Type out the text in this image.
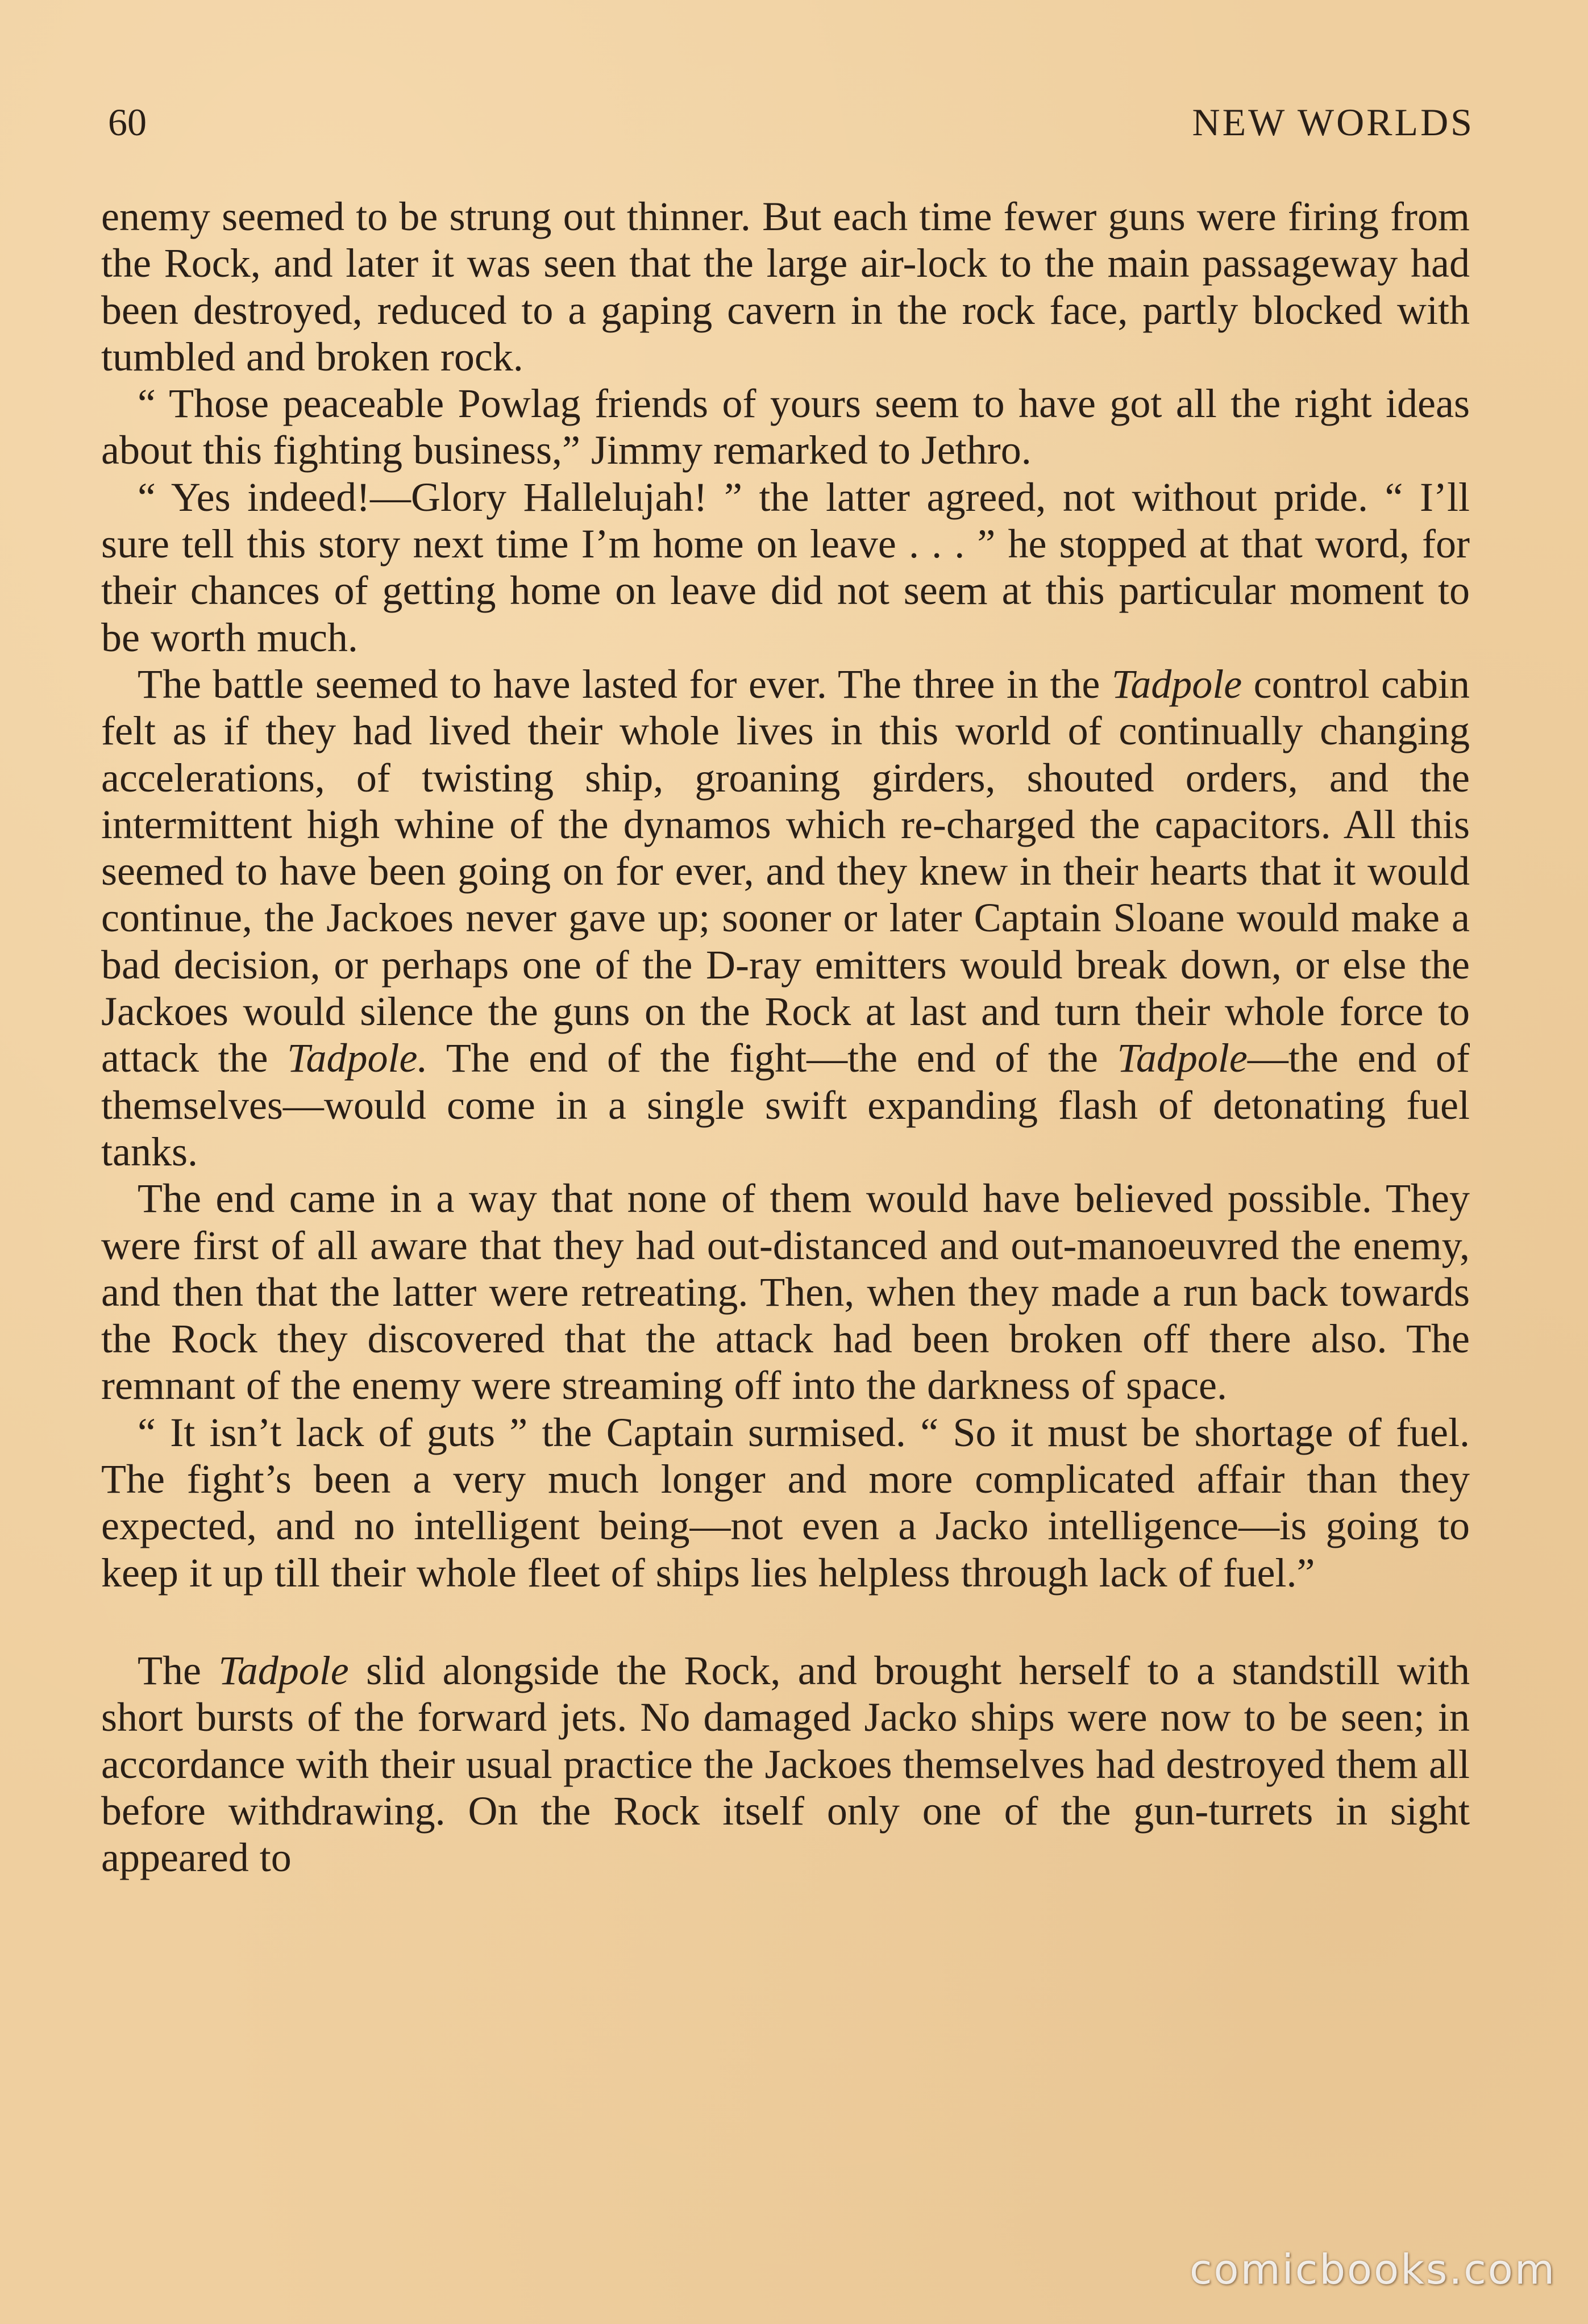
60	NEW WORLDS

enemy seemed to be strung out thinner. But each time fewer guns were firing from the Rock, and later it was seen that the large air-lock to the main passageway had been destroyed, reduced to a gaping cavern in the rock face, partly blocked with tumbled and broken rock.

“ Those peaceable Powlag friends of yours seem to have got all the right ideas about this fighting business,” Jimmy remarked to Jethro.

“ Yes indeed!—Glory Hallelujah! ” the latter agreed, not without pride. “ I’ll sure tell this story next time I’m home on leave . . . ” he stopped at that word, for their chances of getting home on leave did not seem at this particular moment to be worth much.

The battle seemed to have lasted for ever. The three in the Tadpole control cabin felt as if they had lived their whole lives in this world of continually changing accelerations, of twisting ship, groaning girders, shouted orders, and the intermittent high whine of the dynamos which re-charged the capacitors. All this seemed to have been going on for ever, and they knew in their hearts that it would continue, the Jackoes never gave up; sooner or later Captain Sloane would make a bad decision, or perhaps one of the D-ray emitters would break down, or else the Jackoes would silence the guns on the Rock at last and turn their whole force to attack the Tadpole. The end of the fight—the end of the Tadpole—the end of themselves—would come in a single swift expanding flash of detonating fuel tanks.

The end came in a way that none of them would have believed possible. They were first of all aware that they had out-distanced and out-manoeuvred the enemy, and then that the latter were retreating. Then, when they made a run back towards the Rock they discovered that the attack had been broken off there also. The remnant of the enemy were streaming off into the darkness of space.

“ It isn’t lack of guts ” the Captain surmised. “ So it must be shortage of fuel. The fight’s been a very much longer and more complicated affair than they expected, and no intelligent being—not even a Jacko intelligence—is going to keep it up till their whole fleet of ships lies helpless through lack of fuel.”

The Tadpole slid alongside the Rock, and brought herself to a standstill with short bursts of the forward jets. No damaged Jacko ships were now to be seen; in accordance with their usual practice the Jackoes themselves had destroyed them all before withdrawing. On the Rock itself only one of the gun-turrets in sight appeared to

comicbooks.com
